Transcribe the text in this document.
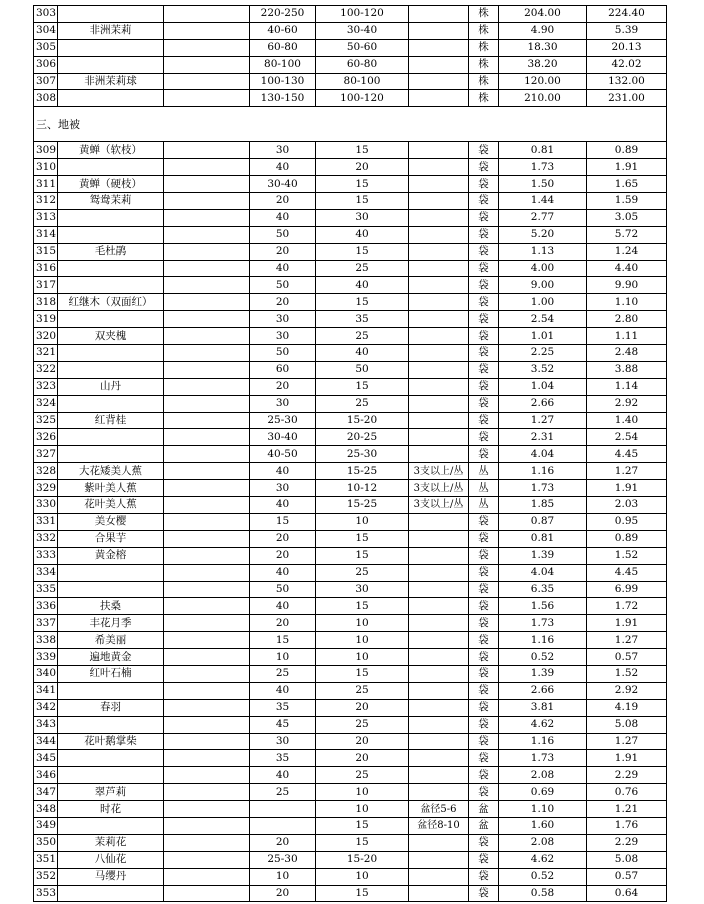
303			220-250	100-120		株	204.00	224.40
304	非洲茉莉		40-60	30-40		株	4.90	5.39
305			60-80	50-60		株	18.30	20.13
306			80-100	60-80		株	38.20	42.02
307	非洲茉莉球		100-130	80-100		株	120.00	132.00
308			130-150	100-120		株	210.00	231.00
三、地被								
309	黄蝉（软枝）		30	15		袋	0.81	0.89
310			40	20		袋	1.73	1.91
311	黄蝉（硬枝）		30-40	15		袋	1.50	1.65
312	鸳鸯茉莉		20	15		袋	1.44	1.59
313			40	30		袋	2.77	3.05
314			50	40		袋	5.20	5.72
315	毛杜鹃		20	15		袋	1.13	1.24
316			40	25		袋	4.00	4.40
317			50	40		袋	9.00	9.90
318	红继木（双面红）		20	15		袋	1.00	1.10
319			30	35		袋	2.54	2.80
320	双夹槐		30	25		袋	1.01	1.11
321			50	40		袋	2.25	2.48
322			60	50		袋	3.52	3.88
323	山丹		20	15		袋	1.04	1.14
324			30	25		袋	2.66	2.92
325	红背桂		25-30	15-20		袋	1.27	1.40
326			30-40	20-25		袋	2.31	2.54
327			40-50	25-30		袋	4.04	4.45
328	大花矮美人蕉		40	15-25	3支以上/丛	丛	1.16	1.27
329	紫叶美人蕉		30	10-12	3支以上/丛	丛	1.73	1.91
330	花叶美人蕉		40	15-25	3支以上/丛	丛	1.85	2.03
331	美女樱		15	10		袋	0.87	0.95
332	合果芋		20	15		袋	0.81	0.89
333	黄金榕		20	15		袋	1.39	1.52
334			40	25		袋	4.04	4.45
335			50	30		袋	6.35	6.99
336	扶桑		40	15		袋	1.56	1.72
337	丰花月季		20	10		袋	1.73	1.91
338	希美丽		15	10		袋	1.16	1.27
339	遍地黄金		10	10		袋	0.52	0.57
340	红叶石楠		25	15		袋	1.39	1.52
341			40	25		袋	2.66	2.92
342	春羽		35	20		袋	3.81	4.19
343			45	25		袋	4.62	5.08
344	花叶鹅掌柴		30	20		袋	1.16	1.27
345			35	20		袋	1.73	1.91
346			40	25		袋	2.08	2.29
347	翠芦莉		25	10		袋	0.69	0.76
348	时花			10	盆径5-6	盆	1.10	1.21
349				15	盆径8-10	盆	1.60	1.76
350	茉莉花		20	15		袋	2.08	2.29
351	八仙花		25-30	15-20		袋	4.62	5.08
352	马缨丹		10	10		袋	0.52	0.57
353			20	15		袋	0.58	0.64
